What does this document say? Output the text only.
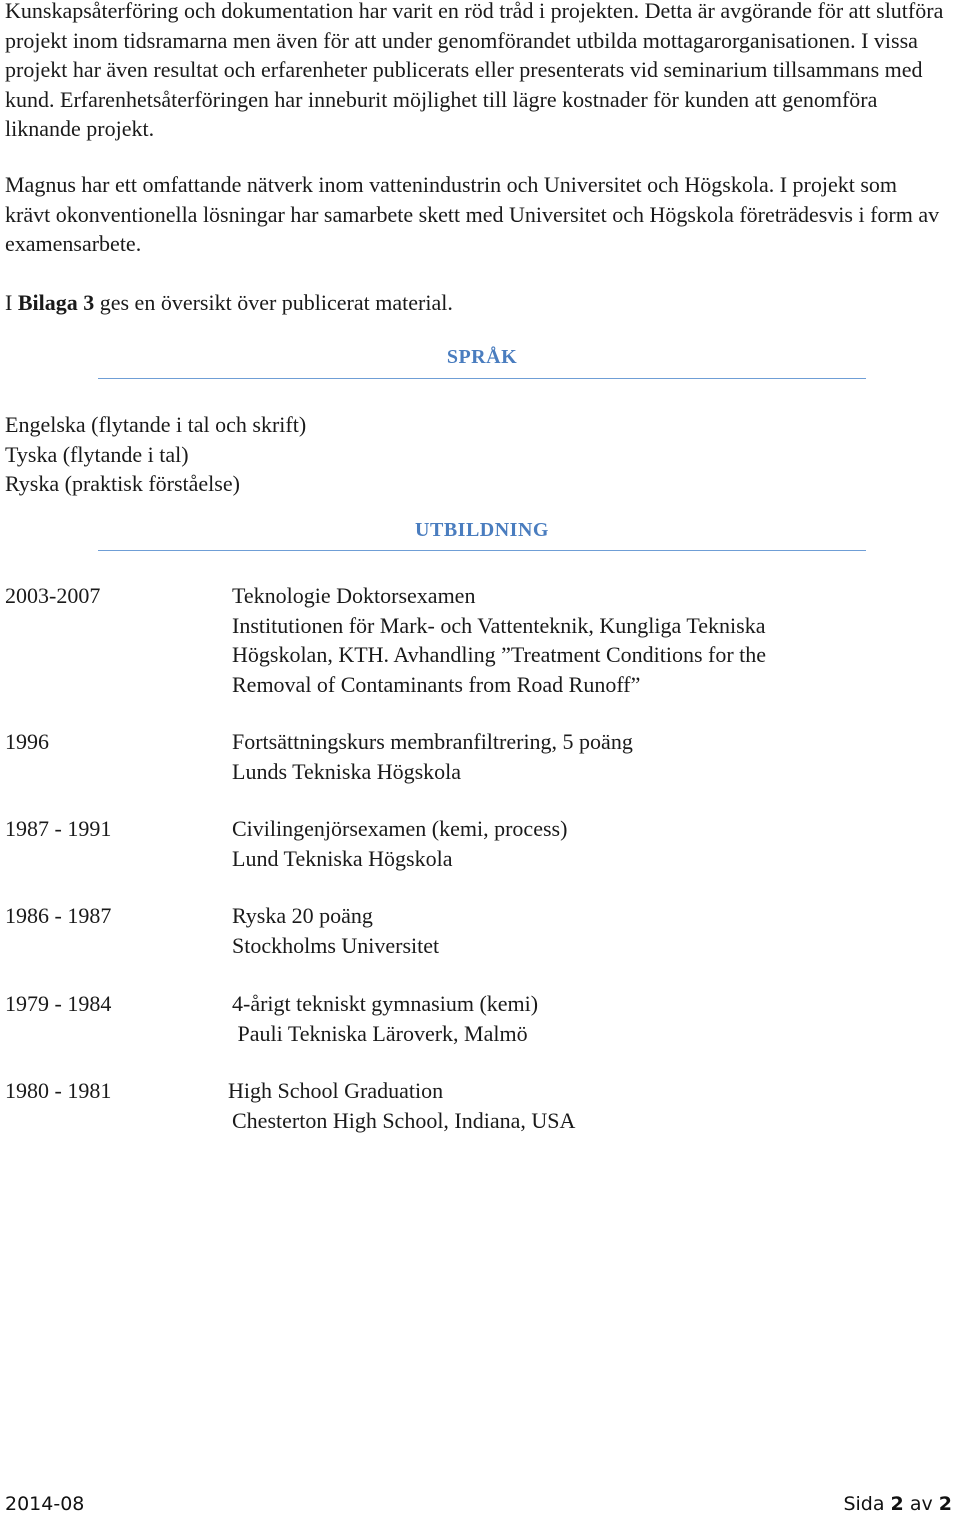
Kunskapsåterföring och dokumentation har varit en röd tråd i projekten. Detta är avgörande för att slutföra projekt inom tidsramarna men även för att under genomförandet utbilda mottagarorganisationen. I vissa projekt har även resultat och erfarenheter publicerats eller presenterats vid seminarium tillsammans med kund. Erfarenhetsåterföringen har inneburit möjlighet till lägre kostnader för kunden att genomföra liknande projekt.

Magnus har ett omfattande nätverk inom vattenindustrin och Universitet och Högskola. I projekt som krävt okonventionella lösningar har samarbete skett med Universitet och Högskola företrädesvis i form av examensarbete.

I Bilaga 3 ges en översikt över publicerat material.

SPRÅK
Engelska (flytande i tal och skrift)
Tyska (flytande i tal)
Ryska (praktisk förståelse)
UTBILDNING
2003-2007	Teknologie Doktorsexamen
Institutionen för Mark- och Vattenteknik, Kungliga Tekniska
Högskolan, KTH. Avhandling ”Treatment Conditions for the
Removal of Contaminants from Road Runoff”
1996	Fortsättningskurs membranfiltrering, 5 poäng
Lunds Tekniska Högskola
1987 - 1991	Civilingenjörsexamen (kemi, process)
Lund Tekniska Högskola
1986 - 1987	Ryska 20 poäng
Stockholms Universitet
1979 - 1984	4-årigt tekniskt gymnasium (kemi)
Pauli Tekniska Läroverk, Malmö
1980 - 1981	High School Graduation
Chesterton High School, Indiana, USA
2014-08	Sida 2 av 2
